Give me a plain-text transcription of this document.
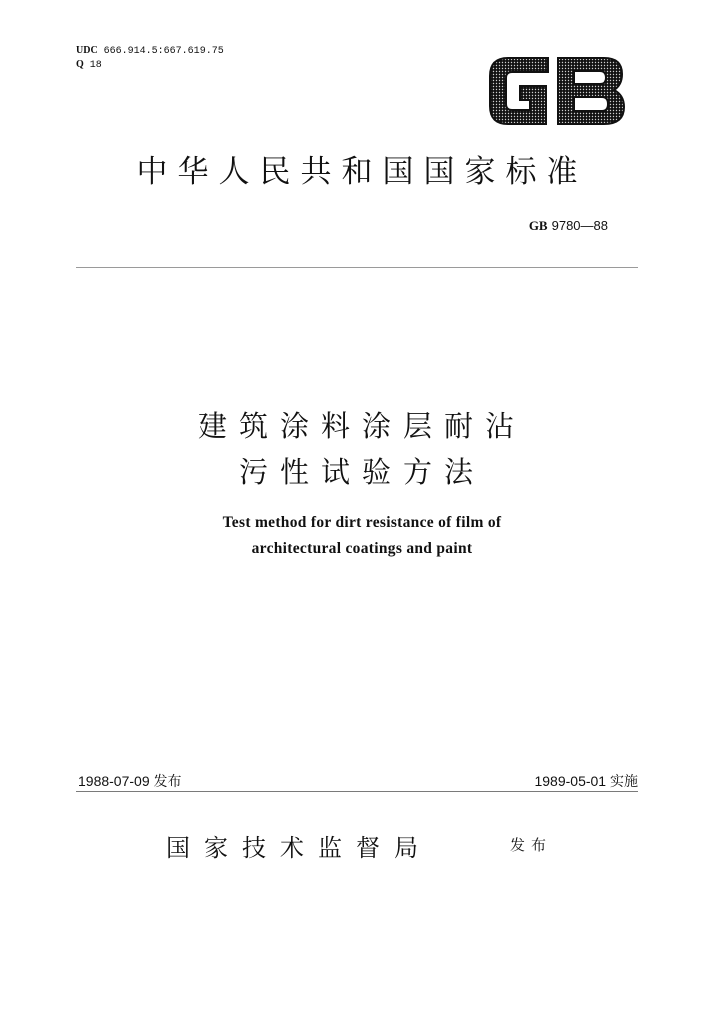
UDC 666.914.5:667.619.75
Q 18
中华人民共和国国家标准
GB 9780—88
建筑涂料涂层耐沾
污性试验方法
Test method for dirt resistance of film of
architectural coatings and paint
1988-07-09 发布	1989-05-01 实施
国家技术监督局	发布
